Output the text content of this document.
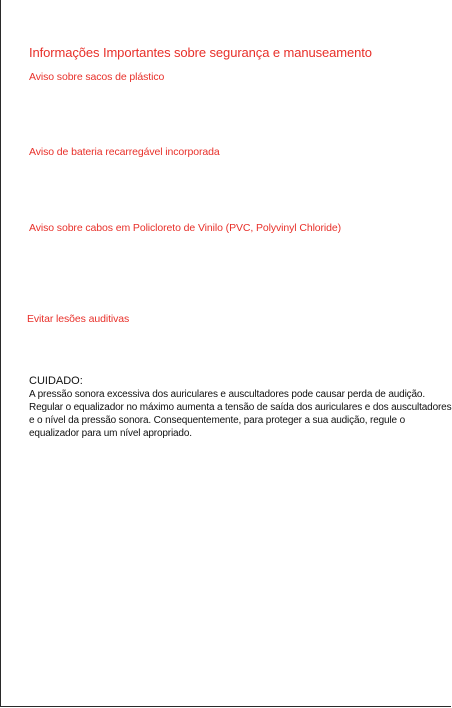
Informações Importantes sobre segurança e manuseamento
Aviso sobre sacos de plástico
Aviso de bateria recarregável incorporada
Aviso sobre cabos em Policloreto de Vinilo (PVC, Polyvinyl Chloride)
Evitar lesões auditivas
CUIDADO:
A pressão sonora excessiva dos auriculares e auscultadores pode causar perda de audição. Regular o equalizador no máximo aumenta a tensão de saída dos auriculares e dos auscultadores e o nível da pressão sonora. Consequentemente, para proteger a sua audição, regule o equalizador para um nível apropriado.
